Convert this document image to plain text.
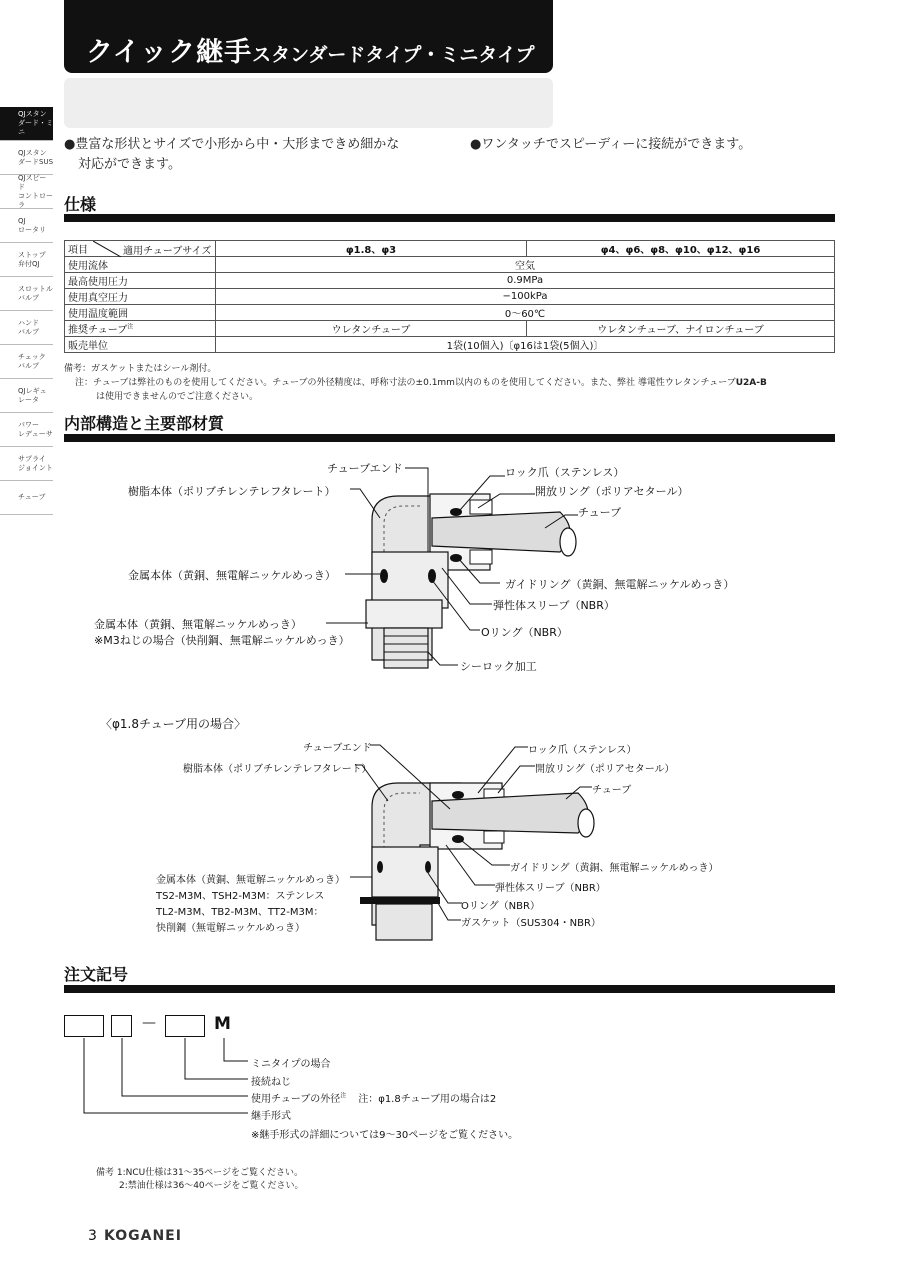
クイック継手スタンダードタイプ・ミニタイプ
QJスタン
ダード・ミニ
QJスタン
ダードSUS
QJスピード
コントローラ
QJ
ロータリ
ストップ
弁付QJ
スロットル
バルブ
ハンド
バルブ
チェック
バルブ
QJレギュ
レータ
パワー
レデューサ
サプライ
ジョイント
チューブ
●豊富な形状とサイズで小形から中・大形まできめ細かな
対応ができます。
●ワンタッチでスピーディーに接続ができます。
仕様
項目 適用チューブサイズ	φ1.8、φ3	φ4、φ6、φ8、φ10、φ12、φ16
使用流体	空気	
最高使用圧力	0.9MPa	
使用真空圧力	−100kPa	
使用温度範囲	0〜60℃	
推奨チューブ$^注$	ウレタンチューブ	ウレタンチューブ、ナイロンチューブ
販売単位	1袋(10個入)〔φ16は1袋(5個入)〕	
備考：ガスケットまたはシール剤付。
注：チューブは弊社のものを使用してください。チューブの外径精度は、呼称寸法の±0.1mm以内のものを使用してください。また、弊社 導電性ウレタンチューブU2A-B
は使用できませんのでご注意ください。
内部構造と主要部材質
チューブエンド	ロック爪（ステンレス）
開放リング（ポリアセタール）
樹脂本体（ポリブチレンテレフタレート）
チューブ
金属本体（黄銅、無電解ニッケルめっき）
ガイドリング（黄銅、無電解ニッケルめっき）
弾性体スリーブ（NBR）
金属本体（黄銅、無電解ニッケルめっき）
Oリング（NBR）
※M3ねじの場合（快削鋼、無電解ニッケルめっき）
シーロック加工
〈φ1.8チューブ用の場合〉
チューブエンド	ロック爪（ステンレス）
樹脂本体（ポリブチレンテレフタレート）	開放リング（ポリアセタール）
チューブ
ガイドリング（黄銅、無電解ニッケルめっき）
金属本体（黄銅、無電解ニッケルめっき）
弾性体スリーブ（NBR）
TS2-M3M、TSH2-M3M：ステンレス
Oリング（NBR）
TL2-M3M、TB2-M3M、TT2-M3M：
ガスケット（SUS304・NBR）
快削鋼（無電解ニッケルめっき）
注文記号
—	M
ミニタイプの場合
接続ねじ
使用チューブの外径$^注$ 注：φ1.8チューブ用の場合は2
継手形式
※継手形式の詳細については9〜30ページをご覧ください。
備考 1:NCU仕様は31〜35ページをご覧ください。
2:禁油仕様は36〜40ページをご覧ください。
3 KOGANEI
